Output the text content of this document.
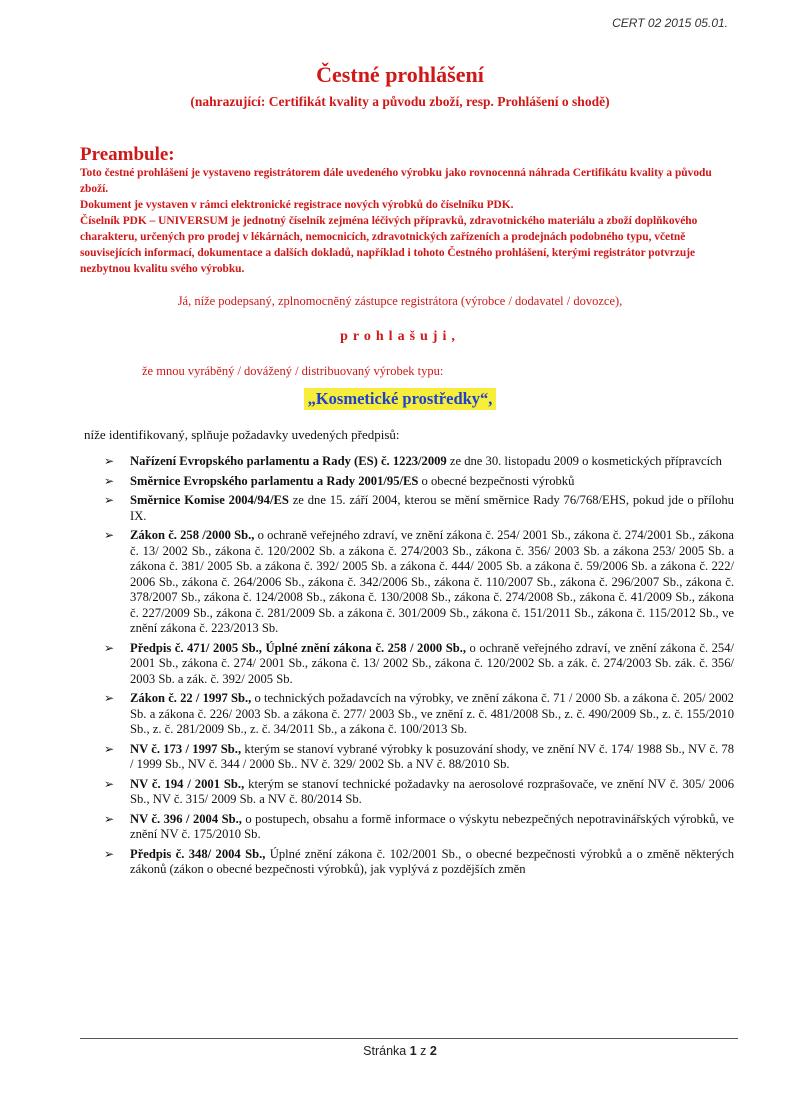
CERT 02 2015 05.01.
Čestné prohlášení
(nahrazující: Certifikát kvality a původu zboží, resp. Prohlášení o shodě)
Preambule:

Toto čestné prohlášení je vystaveno registrátorem dále uvedeného výrobku jako rovnocenná náhrada Certifikátu kvality a původu zboží.

Dokument je vystaven v rámci elektronické registrace nových výrobků do číselníku PDK.

Číselník PDK – UNIVERSUM je jednotný číselník zejména léčivých přípravků, zdravotnického materiálu a zboží doplňkového charakteru, určených pro prodej v lékárnách, nemocnicích, zdravotnických zařízeních a prodejnách podobného typu, včetně souvisejících informací, dokumentace a dalších dokladů, například i tohoto Čestného prohlášení, kterými registrátor potvrzuje nezbytnou kvalitu svého výrobku.

Já, níže podepsaný, zplnomocněný zástupce registrátora (výrobce / dodavatel / dovozce),
prohlašuji,
že mnou vyráběný / dovážený / distribuovaný výrobek typu:
„Kosmetické prostředky“,
níže identifikovaný, splňuje požadavky uvedených předpisů:
➢ Nařízení Evropského parlamentu a Rady (ES) č. 1223/2009 ze dne 30. listopadu 2009 o kosmetických přípravcích
➢ Směrnice Evropského parlamentu a Rady 2001/95/ES o obecné bezpečnosti výrobků
➢ Směrnice Komise 2004/94/ES ze dne 15. září 2004, kterou se mění směrnice Rady 76/768/EHS, pokud jde o přílohu IX.
➢ Zákon č. 258 /2000 Sb., o ochraně veřejného zdraví, ve znění zákona č. 254/ 2001 Sb., zákona č. 274/2001 Sb., zákona č. 13/ 2002 Sb., zákona č. 120/2002 Sb. a zákona č. 274/2003 Sb., zákona č. 356/ 2003 Sb. a zákona 253/ 2005 Sb. a zákona č. 381/ 2005 Sb. a zákona č. 392/ 2005 Sb. a zákona č. 444/ 2005 Sb. a zákona č. 59/2006 Sb. a zákona č. 222/ 2006 Sb., zákona č. 264/2006 Sb., zákona č. 342/2006 Sb., zákona č. 110/2007 Sb., zákona č. 296/2007 Sb., zákona č. 378/2007 Sb., zákona č. 124/2008 Sb., zákona č. 130/2008 Sb., zákona č. 274/2008 Sb., zákona č. 41/2009 Sb., zákona č. 227/2009 Sb., zákona č. 281/2009 Sb. a zákona č. 301/2009 Sb., zákona č. 151/2011 Sb., zákona č. 115/2012 Sb., ve znění zákona č. 223/2013 Sb.
➢ Předpis č. 471/ 2005 Sb., Úplné znění zákona č. 258 / 2000 Sb., o ochraně veřejného zdraví, ve znění zákona č. 254/ 2001 Sb., zákona č. 274/ 2001 Sb., zákona č. 13/ 2002 Sb., zákona č. 120/2002 Sb. a zák. č. 274/2003 Sb. zák. č. 356/ 2003 Sb. a zák. č. 392/ 2005 Sb.
➢ Zákon č. 22 / 1997 Sb., o technických požadavcích na výrobky, ve znění zákona č. 71 / 2000 Sb. a zákona č. 205/ 2002 Sb. a zákona č. 226/ 2003 Sb. a zákona č. 277/ 2003 Sb., ve znění z. č. 481/2008 Sb., z. č. 490/2009 Sb., z. č. 155/2010 Sb., z. č. 281/2009 Sb., z. č. 34/2011 Sb., a zákona č. 100/2013 Sb.
➢ NV č. 173 / 1997 Sb., kterým se stanoví vybrané výrobky k posuzování shody, ve znění NV č. 174/ 1988 Sb., NV č. 78 / 1999 Sb., NV č. 344 / 2000 Sb.. NV č. 329/ 2002 Sb. a NV č. 88/2010 Sb.
➢ NV č. 194 / 2001 Sb., kterým se stanoví technické požadavky na aerosolové rozprašovače, ve znění NV č. 305/ 2006 Sb., NV č. 315/ 2009 Sb. a NV č. 80/2014 Sb.
➢ NV č. 396 / 2004 Sb., o postupech, obsahu a formě informace o výskytu nebezpečných nepotravinářských výrobků, ve znění NV č. 175/2010 Sb.
➢ Předpis č. 348/ 2004 Sb., Úplné znění zákona č. 102/2001 Sb., o obecné bezpečnosti výrobků a o změně některých zákonů (zákon o obecné bezpečnosti výrobků), jak vyplývá z pozdějších změn
Stránka 1 z 2
